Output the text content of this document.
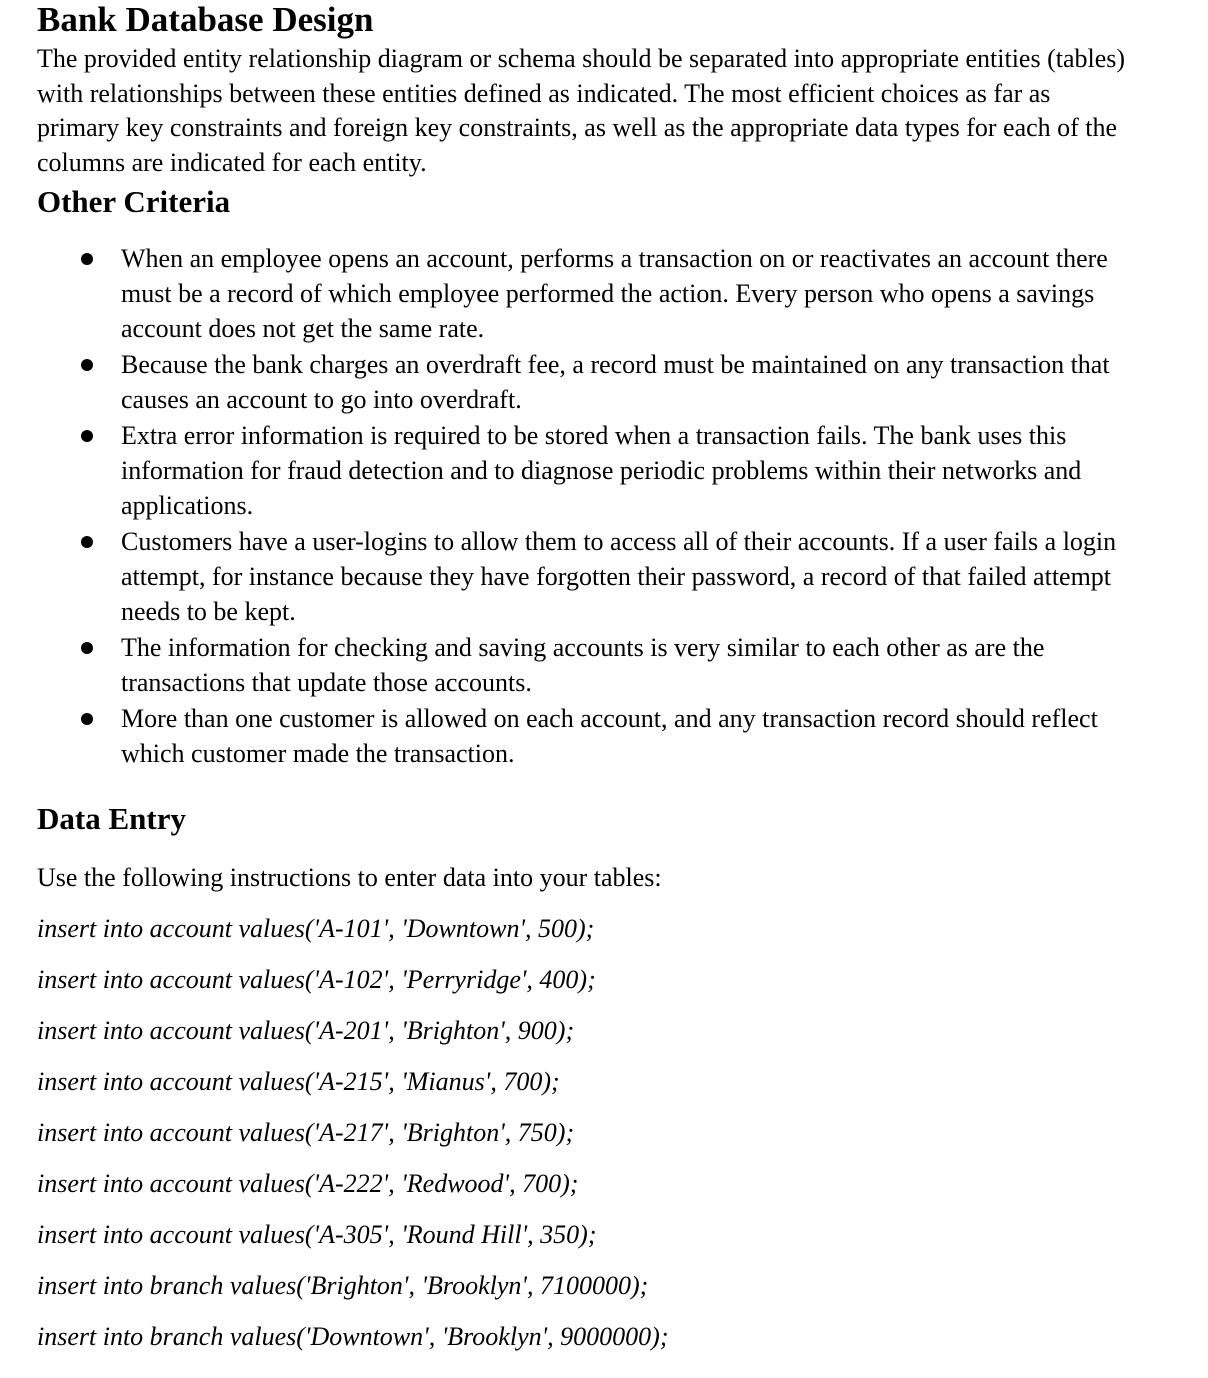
Bank Database Design

The provided entity relationship diagram or schema should be separated into appropriate entities (tables) with relationships between these entities defined as indicated. The most efficient choices as far as primary key constraints and foreign key constraints, as well as the appropriate data types for each of the columns are indicated for each entity.

Other Criteria
When an employee opens an account, performs a transaction on or reactivates an account there must be a record of which employee performed the action. Every person who opens a savings account does not get the same rate.
Because the bank charges an overdraft fee, a record must be maintained on any transaction that causes an account to go into overdraft.
Extra error information is required to be stored when a transaction fails. The bank uses this information for fraud detection and to diagnose periodic problems within their networks and applications.
Customers have a user-logins to allow them to access all of their accounts. If a user fails a login attempt, for instance because they have forgotten their password, a record of that failed attempt needs to be kept.
The information for checking and saving accounts is very similar to each other as are the transactions that update those accounts.
More than one customer is allowed on each account, and any transaction record should reflect which customer made the transaction.
Data Entry

Use the following instructions to enter data into your tables:

insert into account values('A-101', 'Downtown', 500);
insert into account values('A-102', 'Perryridge', 400);
insert into account values('A-201', 'Brighton', 900);
insert into account values('A-215', 'Mianus', 700);
insert into account values('A-217', 'Brighton', 750);
insert into account values('A-222', 'Redwood', 700);
insert into account values('A-305', 'Round Hill', 350);
insert into branch values('Brighton', 'Brooklyn', 7100000);
insert into branch values('Downtown', 'Brooklyn', 9000000);
